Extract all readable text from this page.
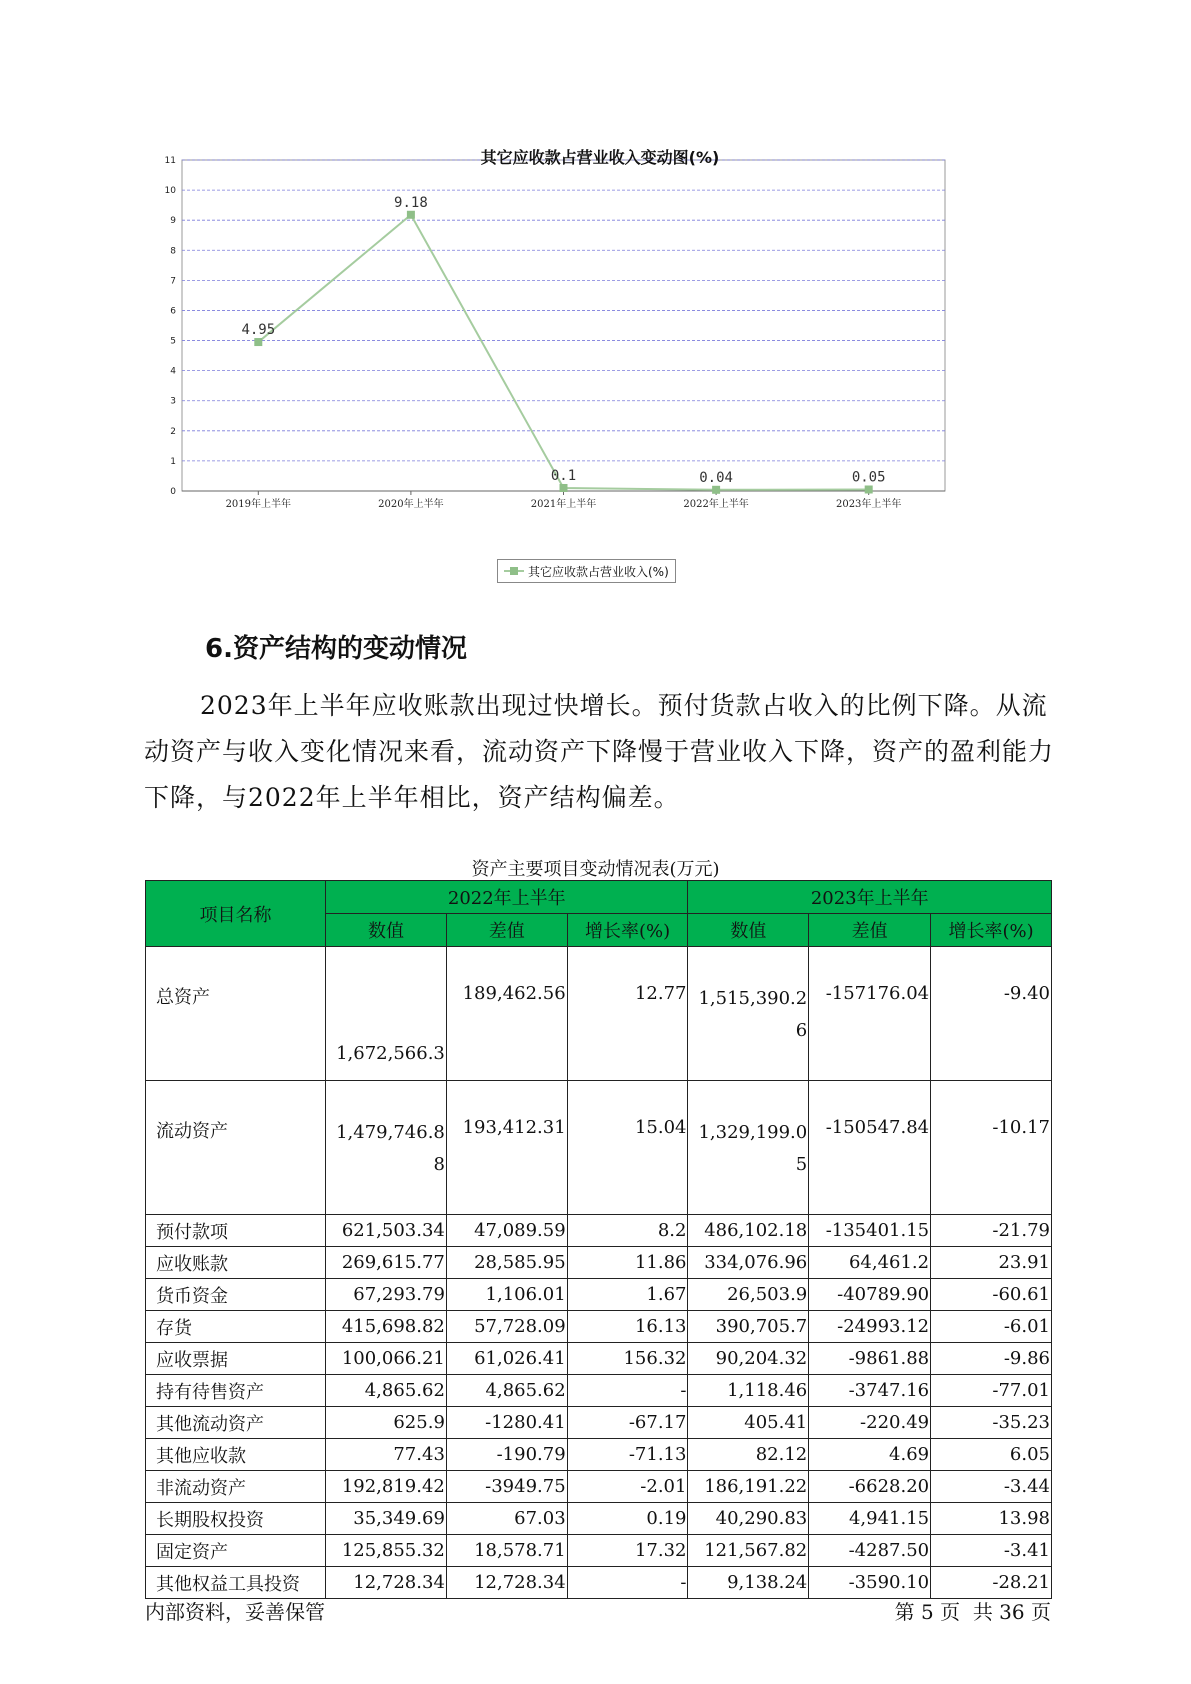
0
1
2
3
4
5
6
7
8
9
10
11
2019年上半年	2020年上半年	2021年上半年	2022年上半年	2023年上半年
4.95
9.18
0.1	0.04	0.05
其它应收款占营业收入变动图(%)
其它应收款占营业收入(%)
6.资产结构的变动情况
2023年上半年应收账款出现过快增长。预付货款占收入的比例下降。从流动资产与收入变化情况来看，流动资产下降慢于营业收入下降，资产的盈利能力下降，与2022年上半年相比，资产结构偏差。
资产主要项目变动情况表(万元)
项目名称	2022年上半年			2023年上半年		
	数值	差值	增长率(%)	数值	差值	增长率(%)
总资产	1,672,566.3	189,462.56	12.77	1,515,390.26	-157176.04	-9.40
流动资产	1,479,746.88	193,412.31	15.04	1,329,199.05	-150547.84	-10.17
预付款项	621,503.34	47,089.59	8.2	486,102.18	-135401.15	-21.79
应收账款	269,615.77	28,585.95	11.86	334,076.96	64,461.2	23.91
货币资金	67,293.79	1,106.01	1.67	26,503.9	-40789.90	-60.61
存货	415,698.82	57,728.09	16.13	390,705.7	-24993.12	-6.01
应收票据	100,066.21	61,026.41	156.32	90,204.32	-9861.88	-9.86
持有待售资产	4,865.62	4,865.62	-	1,118.46	-3747.16	-77.01
其他流动资产	625.9	-1280.41	-67.17	405.41	-220.49	-35.23
其他应收款	77.43	-190.79	-71.13	82.12	4.69	6.05
非流动资产	192,819.42	-3949.75	-2.01	186,191.22	-6628.20	-3.44
长期股权投资	35,349.69	67.03	0.19	40,290.83	4,941.15	13.98
固定资产	125,855.32	18,578.71	17.32	121,567.82	-4287.50	-3.41
其他权益工具投资	12,728.34	12,728.34	-	9,138.24	-3590.10	-28.21
内部资料，妥善保管	第 5 页  共 36 页
